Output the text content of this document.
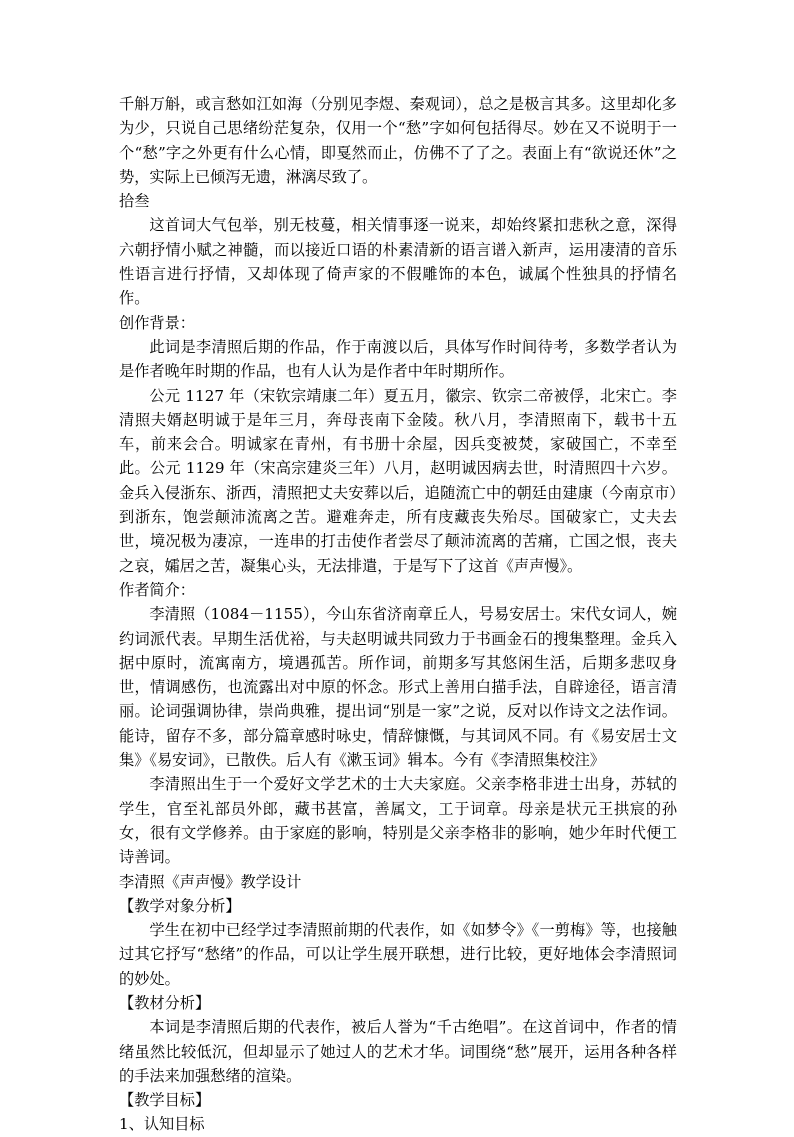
千斛万斛，或言愁如江如海（分别见李煜、秦观词），总之是极言其多。这里却化多为少，只说自己思绪纷茫复杂，仅用一个“愁”字如何包括得尽。妙在又不说明于一个“愁”字之外更有什么心情，即戛然而止，仿佛不了了之。表面上有“欲说还休”之势，实际上已倾泻无遗，淋漓尽致了。

拾叁

这首词大气包举，别无枝蔓，相关情事逐一说来，却始终紧扣悲秋之意，深得六朝抒情小赋之神髓，而以接近口语的朴素清新的语言谱入新声，运用凄清的音乐性语言进行抒情，又却体现了倚声家的不假雕饰的本色，诚属个性独具的抒情名作。

创作背景：

此词是李清照后期的作品，作于南渡以后，具体写作时间待考，多数学者认为是作者晚年时期的作品，也有人认为是作者中年时期所作。

公元 1127 年（宋钦宗靖康二年）夏五月，徽宗、钦宗二帝被俘，北宋亡。李清照夫婿赵明诚于是年三月，奔母丧南下金陵。秋八月，李清照南下，载书十五车，前来会合。明诚家在青州，有书册十余屋，因兵变被焚，家破国亡，不幸至此。公元 1129 年（宋高宗建炎三年）八月，赵明诚因病去世，时清照四十六岁。金兵入侵浙东、浙西，清照把丈夫安葬以后，追随流亡中的朝廷由建康（今南京市）到浙东，饱尝颠沛流离之苦。避难奔走，所有庋藏丧失殆尽。国破家亡，丈夫去世，境况极为凄凉，一连串的打击使作者尝尽了颠沛流离的苦痛，亡国之恨，丧夫之哀，孀居之苦，凝集心头，无法排遣，于是写下了这首《声声慢》。

作者简介：

李清照（1084－1155），今山东省济南章丘人，号易安居士。宋代女词人，婉约词派代表。早期生活优裕，与夫赵明诚共同致力于书画金石的搜集整理。金兵入据中原时，流寓南方，境遇孤苦。所作词，前期多写其悠闲生活，后期多悲叹身世，情调感伤，也流露出对中原的怀念。形式上善用白描手法，自辟途径，语言清丽。论词强调协律，崇尚典雅，提出词“别是一家”之说，反对以作诗文之法作词。能诗，留存不多，部分篇章感时咏史，情辞慷慨，与其词风不同。有《易安居士文集》《易安词》，已散佚。后人有《漱玉词》辑本。今有《李清照集校注》

李清照出生于一个爱好文学艺术的士大夫家庭。父亲李格非进士出身，苏轼的学生，官至礼部员外郎，藏书甚富，善属文，工于词章。母亲是状元王拱宸的孙女，很有文学修养。由于家庭的影响，特别是父亲李格非的影响，她少年时代便工诗善词。

李清照《声声慢》教学设计

【教学对象分析】

学生在初中已经学过李清照前期的代表作，如《如梦令》《一剪梅》等，也接触过其它抒写“愁绪”的作品，可以让学生展开联想，进行比较，更好地体会李清照词的妙处。

【教材分析】

本词是李清照后期的代表作，被后人誉为“千古绝唱”。在这首词中，作者的情绪虽然比较低沉，但却显示了她过人的艺术才华。词围绕“愁”展开，运用各种各样的手法来加强愁绪的渲染。

【教学目标】

1、认知目标
